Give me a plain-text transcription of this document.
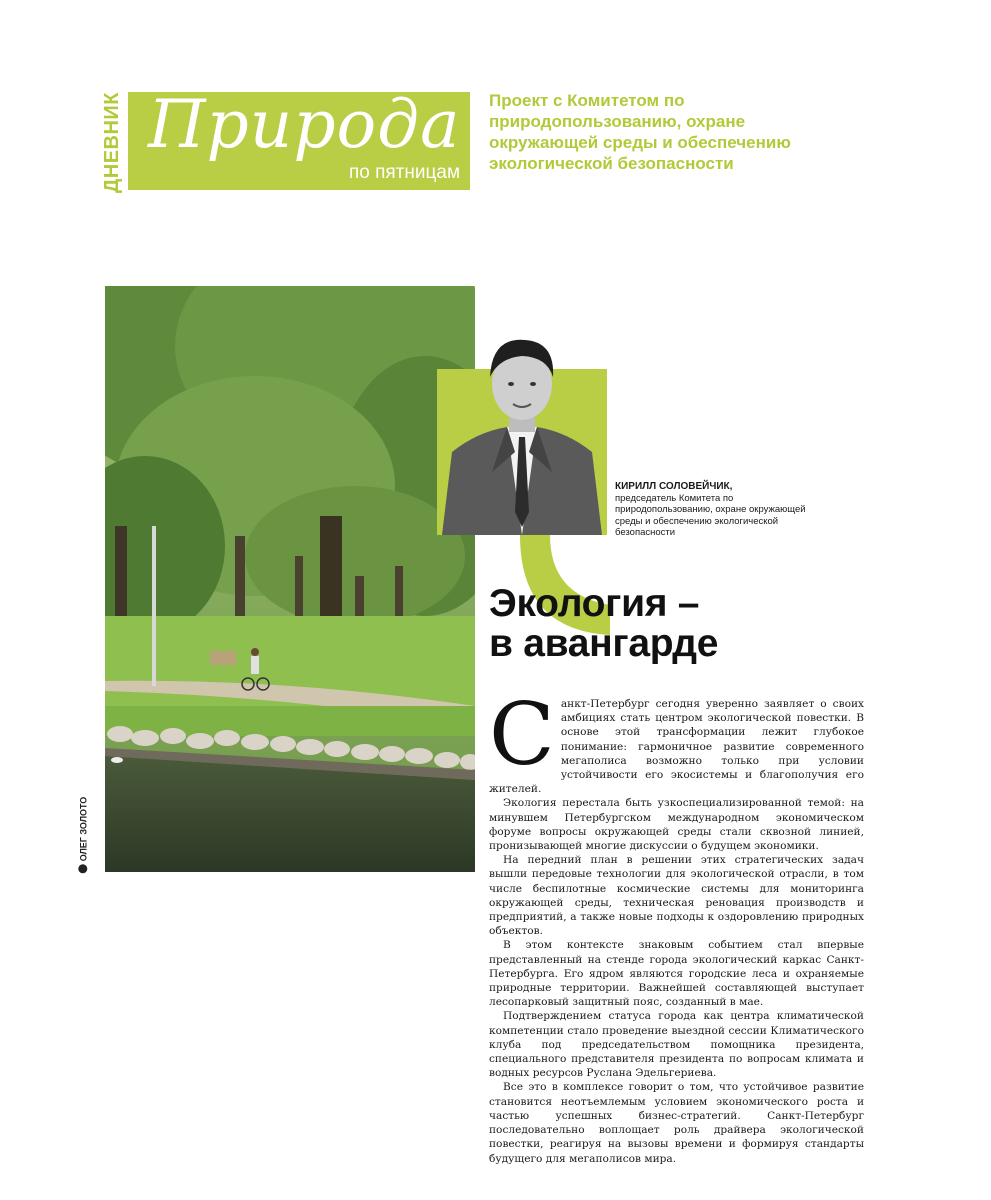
ДНЕВНИК Природа
по пятницам
Проект с Комитетом по природопользованию, охране окружающей среды и обеспечению экологической безопасности
ОЛЕГ ЗОЛОТО
КИРИЛЛ СОЛОВЕЙЧИК,
председатель Комитета по природопользованию, охране окружающей среды и обеспечению экологической безопасности
Экология –
в авангарде

Санкт-Петербург сегодня уверенно заявляет о своих амбициях стать центром экологической повестки. В основе этой трансформации лежит глубокое понимание: гармоничное развитие современного мегаполиса возможно только при условии устойчивости его экосистемы и благополучия его жителей.

Экология перестала быть узкоспециализированной темой: на минувшем Петербургском международном экономическом форуме вопросы окружающей среды стали сквозной линией, пронизывающей многие дискуссии о будущем экономики.

На передний план в решении этих стратегических задач вышли передовые технологии для экологической отрасли, в том числе беспилотные космические системы для мониторинга окружающей среды, техническая реновация производств и предприятий, а также новые подходы к оздоровлению природных объектов.

В этом контексте знаковым событием стал впервые представленный на стенде города экологический каркас Санкт-Петербурга. Его ядром являются городские леса и охраняемые природные территории. Важнейшей составляющей выступает лесопарковый защитный пояс, созданный в мае.

Подтверждением статуса города как центра климатической компетенции стало проведение выездной сессии Климатического клуба под председательством помощника президента, специального представителя президента по вопросам климата и водных ресурсов Руслана Эдельгериева.

Все это в комплексе говорит о том, что устойчивое развитие становится неотъемлемым условием экономического роста и частью успешных бизнес-стратегий. Санкт-Петербург последовательно воплощает роль драйвера экологической повестки, реагируя на вызовы времени и формируя стандарты будущего для мегаполисов мира.
